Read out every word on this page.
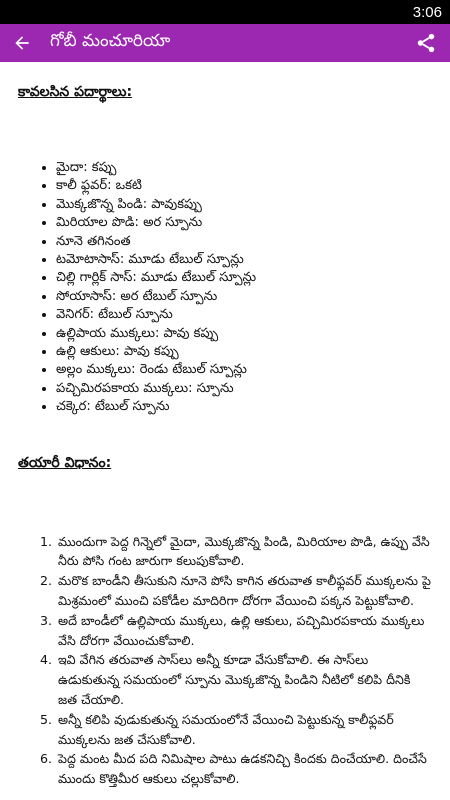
3:06
గోబీ మంచూరియా
కావలసిన పదార్థాలు:
• మైదా: కప్పు
• కాలీ ఫ్లవర్: ఒకటి
• మొక్కజొన్న పిండి: పావుకప్పు
• మిరియాల పొడి: అర స్పూను
• నూనె తగినంత
• టమోటాసాస్: మూడు టేబుల్ స్పూన్లు
• చిల్లి గార్లిక్ సాస్: మూడు టేబుల్ స్పూన్లు
• సోయాసాస్: అర టేబుల్ స్పూను
• వెనిగర్: టేబుల్ స్పూను
• ఉల్లిపాయ ముక్కలు: పావు కప్పు
• ఉల్లి ఆకులు: పావు కప్పు
• అల్లం ముక్కలు: రెండు టేబుల్ స్పూన్లు
• పచ్చిమిరపకాయ ముక్కలు: స్పూను
• చక్కెర: టేబుల్ స్పూను
తయారీ విధానం:
1. ముందుగా పెద్ద గిన్నెలో మైదా, మొక్కజొన్న పిండి, మిరియాల పొడి, ఉప్పు వేసి నీరు పోసి గంట జారుగా కలుపుకోవాలి.
2. మరొక బాండీని తీసుకుని నూనె పోసి కాగిన తరువాత కాలీఫ్లవర్ ముక్కలను పై మిశ్రమంలో ముంచి పకోడీల మాదిరిగా దోరగా వేయించి పక్కన పెట్టుకోవాలి.
3. అదే బాండీలో ఉల్లిపాయ ముక్కలు, ఉల్లి ఆకులు, పచ్చిమిరపకాయ ముక్కలు వేసి దోరగా వేయించుకోవాలి.
4. ఇవి వేగిన తరువాత సాస్‌లు అన్నీ కూడా వేసుకోవాలి. ఈ సాస్‌లు ఉడుకుతున్న సమయంలో స్పూను మొక్కజొన్న పిండిని నీటిలో కలిపి దీనికి జత చేయాలి.
5. అన్నీ కలిపి వుడుకుతున్న సమయంలోనే వేయించి పెట్టుకున్న కాలీఫ్లవర్ ముక్కలను జత చేసుకోవాలి.
6. పెద్ద మంట మీద పది నిమిషాల పాటు ఉడకనిచ్చి కిందకు దించేయాలి. దించేసే ముందు కొత్తిమీర ఆకులు చల్లుకోవాలి.
